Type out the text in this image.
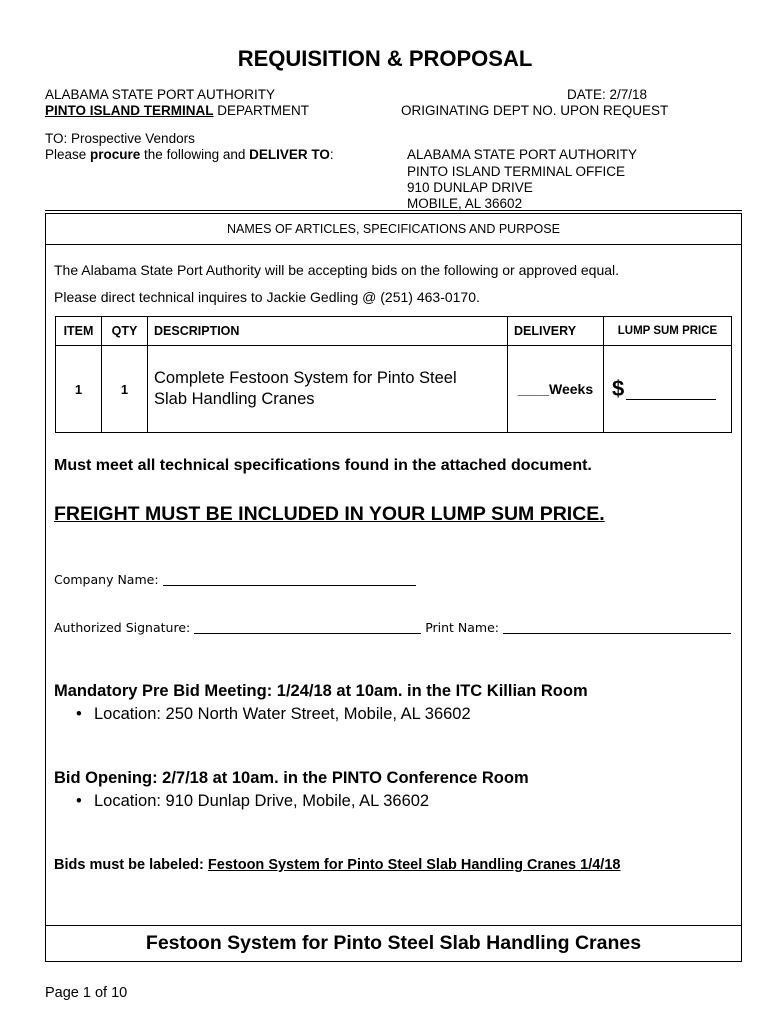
REQUISITION & PROPOSAL
ALABAMA STATE PORT AUTHORITY
PINTO ISLAND TERMINAL DEPARTMENT
DATE: 2/7/18
ORIGINATING DEPT NO. UPON REQUEST
TO: Prospective Vendors
Please procure the following and DELIVER TO:	ALABAMA STATE PORT AUTHORITY
PINTO ISLAND TERMINAL OFFICE
910 DUNLAP DRIVE
MOBILE, AL 36602
NAMES OF ARTICLES, SPECIFICATIONS AND PURPOSE
The Alabama State Port Authority will be accepting bids on the following or approved equal.
Please direct technical inquires to Jackie Gedling @ (251) 463-0170.
ITEM	QTY	DESCRIPTION	DELIVERY	LUMP SUM PRICE
1	1	Complete Festoon System for Pinto Steel
Slab Handling Cranes	____Weeks	$
Must meet all technical specifications found in the attached document.
FREIGHT MUST BE INCLUDED IN YOUR LUMP SUM PRICE.
Company Name:
Authorized Signature:	Print Name:
Mandatory Pre Bid Meeting: 1/24/18 at 10am. in the ITC Killian Room
• Location: 250 North Water Street, Mobile, AL 36602
Bid Opening: 2/7/18 at 10am. in the PINTO Conference Room
• Location: 910 Dunlap Drive, Mobile, AL 36602
Bids must be labeled: Festoon System for Pinto Steel Slab Handling Cranes 1/4/18
Festoon System for Pinto Steel Slab Handling Cranes
Page 1 of 10
